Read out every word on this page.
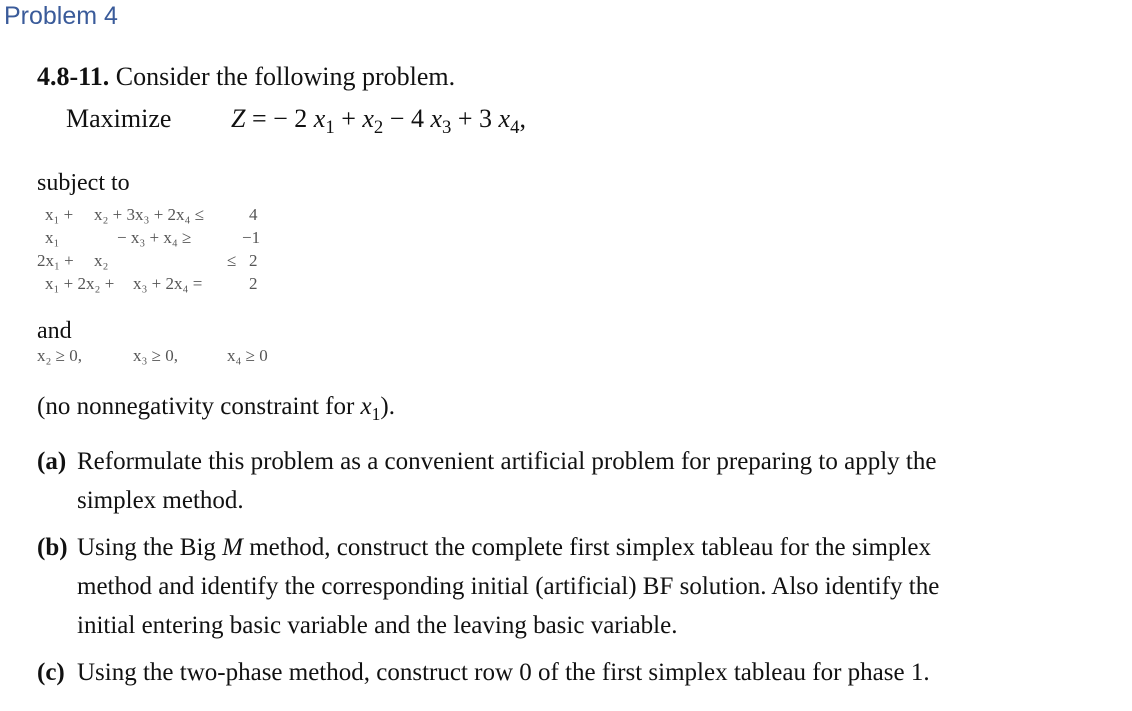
Problem 4
4.8-11. Consider the following problem.
Maximize Z = − 2 $x_1 + x_2 - 4$ $x_3 + 3$ $x_4$,
subject to
x₁ + x₂ + 3x₃ + 2x₄ ≤	4
x₁	− x₃ + x₄ ≥	−1
2x₁ + x₂	≤ 2
x₁ + 2x₂ + x₃ + 2x₄ =	2
and
x₂ ≥ 0,	x₃ ≥ 0,	x₄ ≥ 0
(no nonnegativity constraint for $x_1$).
(a) Reformulate this problem as a convenient artificial problem for preparing to apply the
simplex method.
(b) Using the Big M method, construct the complete first simplex tableau for the simplex
method and identify the corresponding initial (artificial) BF solution. Also identify the
initial entering basic variable and the leaving basic variable.
(c) Using the two-phase method, construct row 0 of the first simplex tableau for phase 1.
